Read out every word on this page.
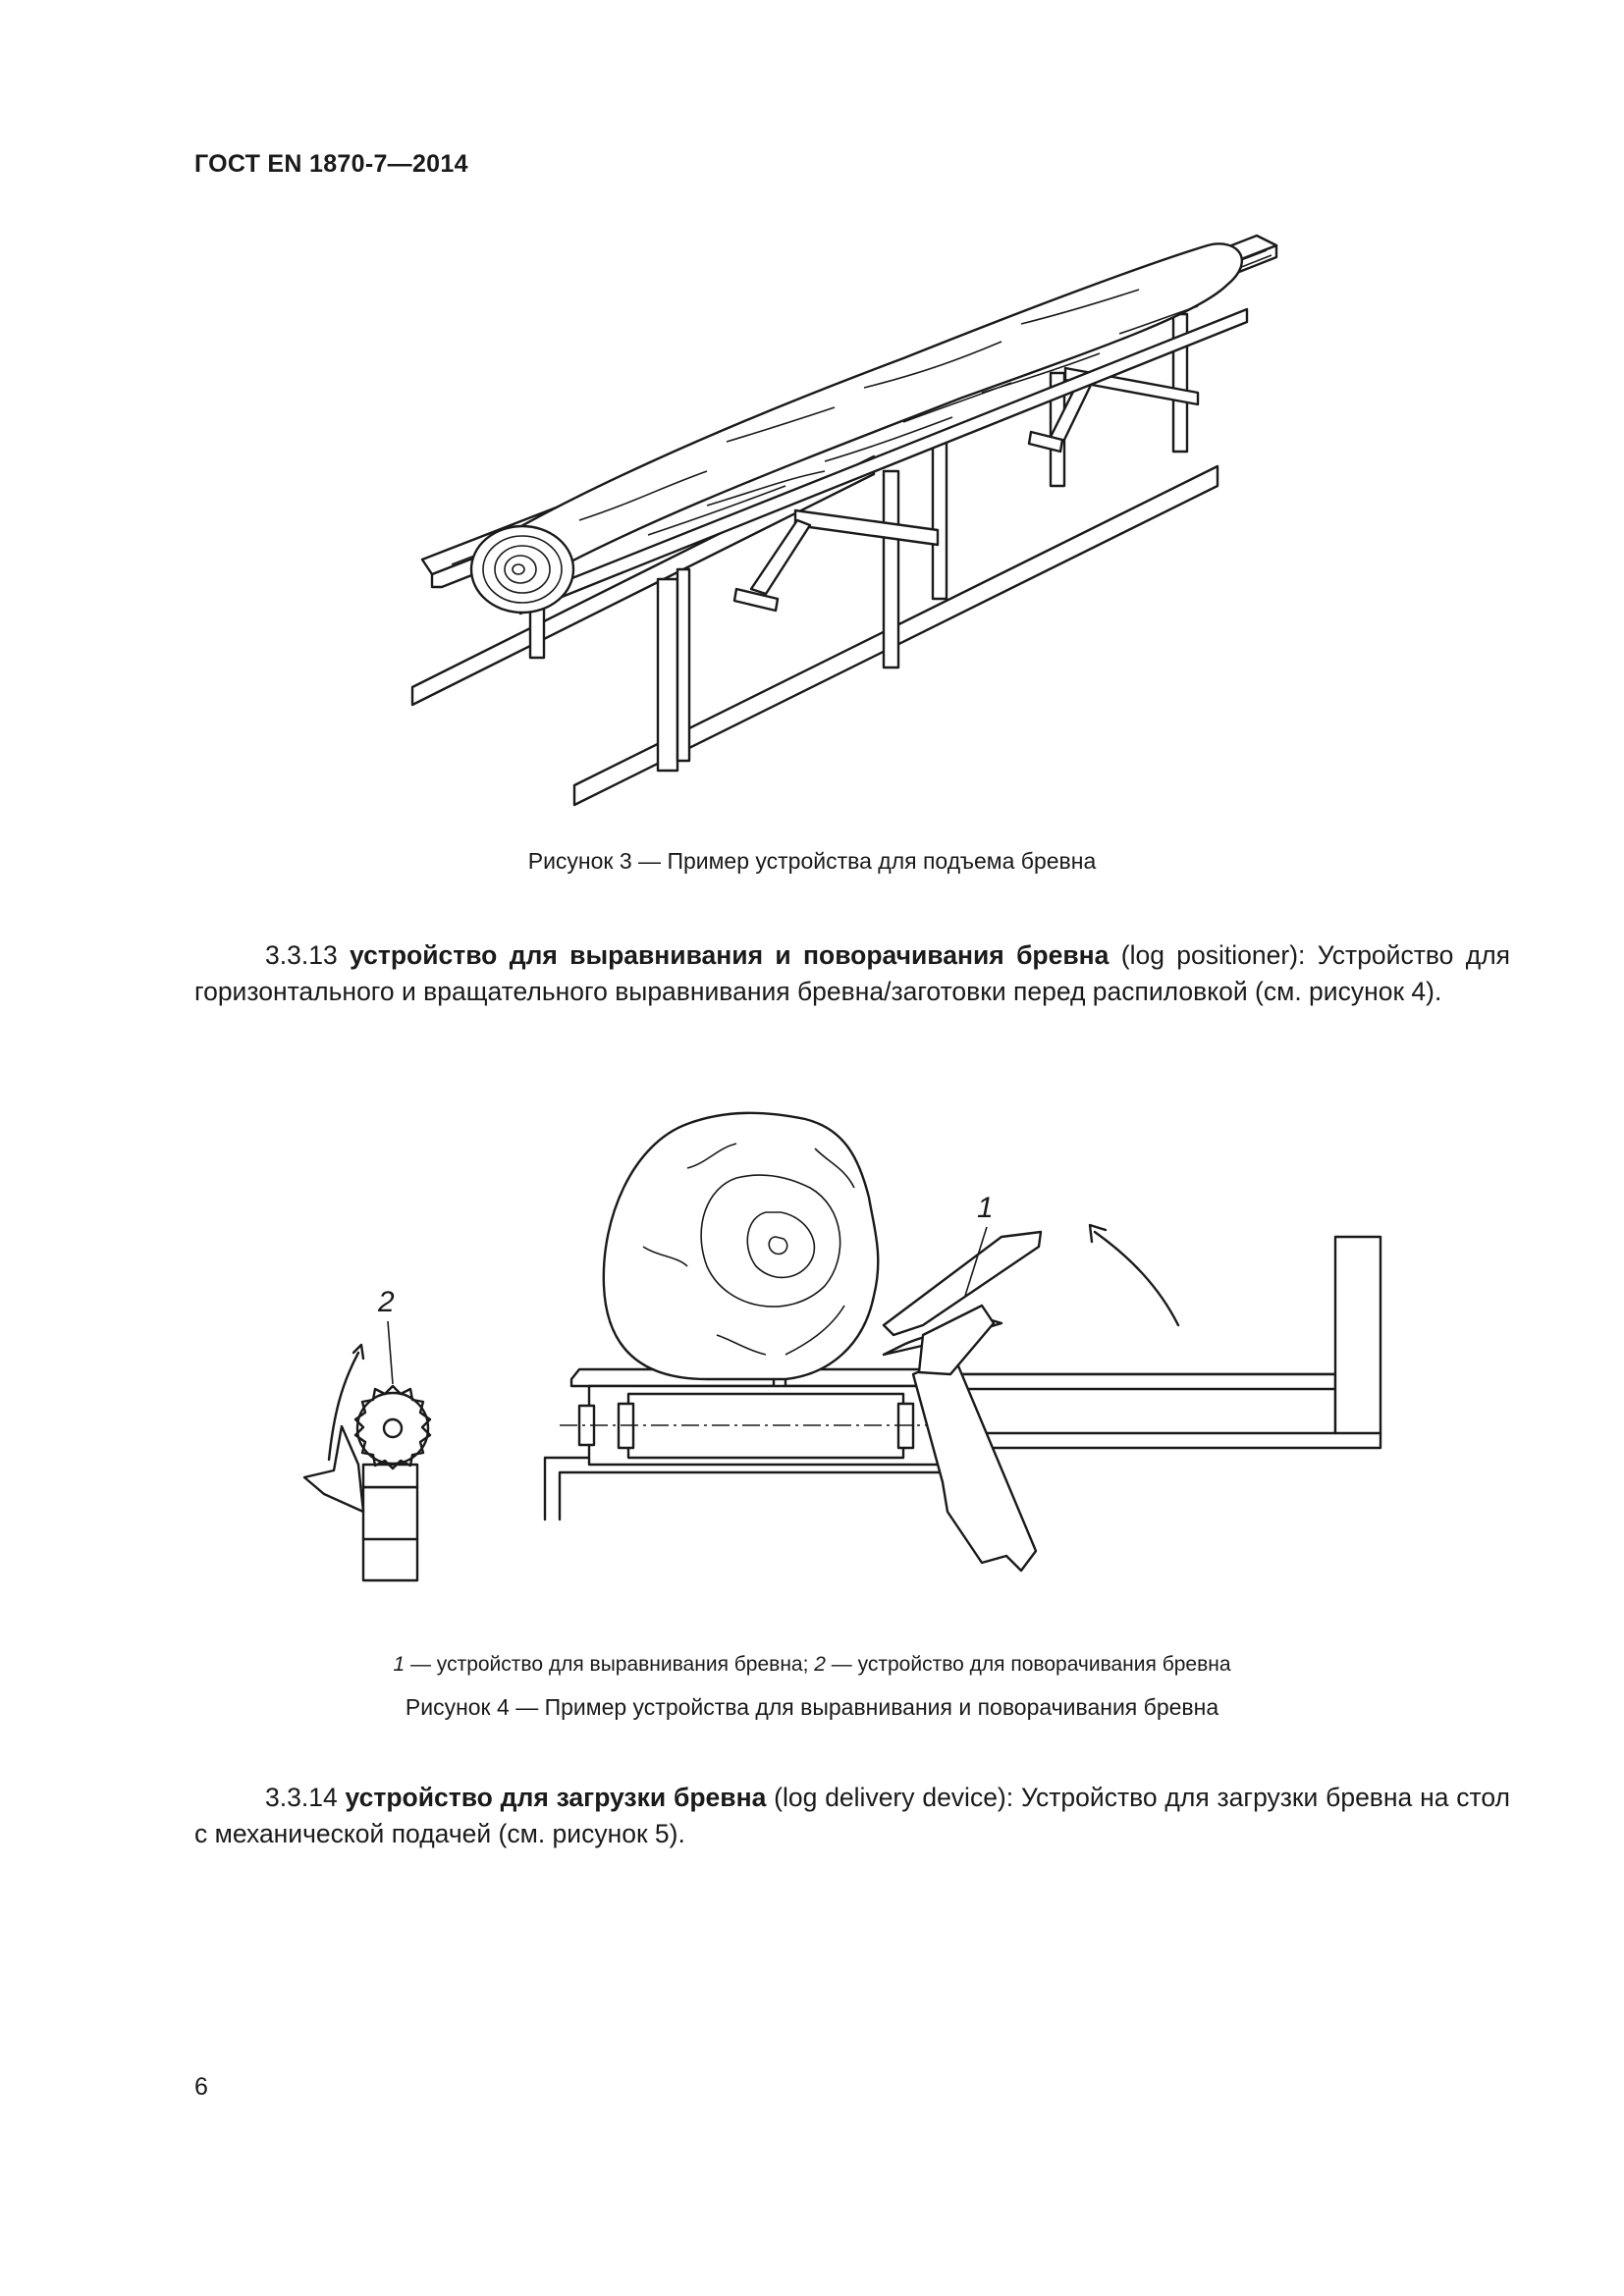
ГОСТ EN 1870-7—2014
Рисунок 3 — Пример устройства для подъема бревна
3.3.13 устройство для выравнивания и поворачивания бревна (log positioner): Устройство для горизонтального и вращательного выравнивания бревна/заготовки перед распиловкой (см. рисунок 4).
2
1
1 — устройство для выравнивания бревна; 2 — устройство для поворачивания бревна
Рисунок 4 — Пример устройства для выравнивания и поворачивания бревна
3.3.14 устройство для загрузки бревна (log delivery device): Устройство для загрузки бревна на стол с механической подачей (см. рисунок 5).
6
